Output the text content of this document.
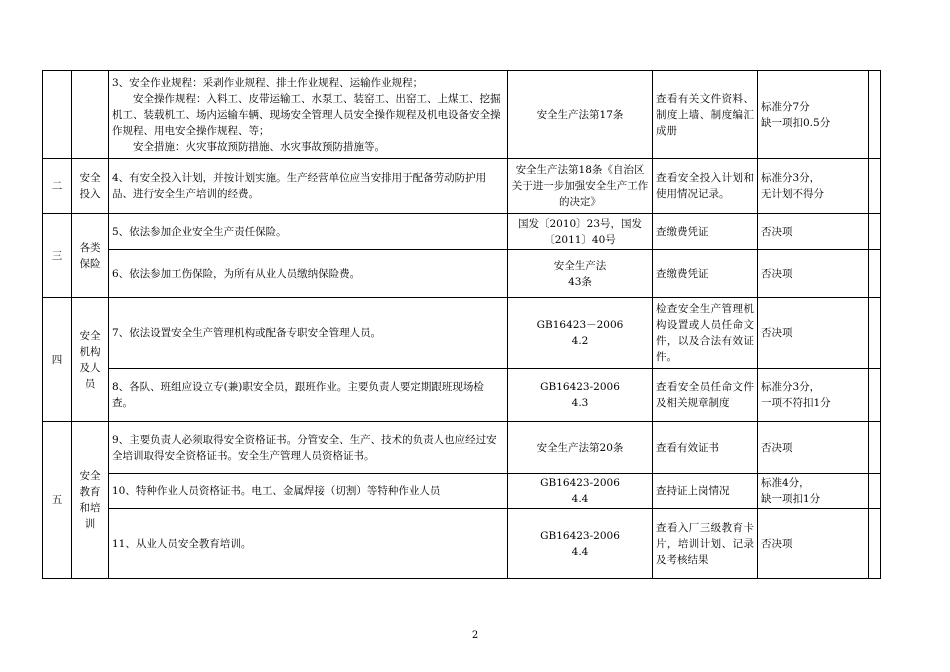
		3、安全作业规程：采剥作业规程、排土作业规程、运输作业规程；
　　安全操作规程：入料工、皮带运输工、水泵工、装窑工、出窑工、上煤工、挖掘机工、装载机工、场内运输车辆、现场安全管理人员安全操作规程及机电设备安全操作规程、用电安全操作规程、等；
　　安全措施：火灾事故预防措施、水灾事故预防措施等。	安全生产法第17条	查看有关文件资料、制度上墙、制度编汇成册	标准分7分
缺一项扣0.5分	
二	安全投入	4、有安全投入计划，并按计划实施。生产经营单位应当安排用于配备劳动防护用品、进行安全生产培训的经费。	安全生产法第18条《自治区关于进一步加强安全生产工作的决定》	查看安全投入计划和使用情况记录。	标准分3分，
无计划不得分	
三	各类保险	5、依法参加企业安全生产责任保险。	国发〔2010〕23号，国发〔2011〕40号	查缴费凭证	否决项	
		6、依法参加工伤保险，为所有从业人员缴纳保险费。	安全生产法
43条	查缴费凭证	否决项	
四	安全机构及人员	7、依法设置安全生产管理机构或配备专职安全管理人员。	GB16423－2006
4.2	检查安全生产管理机构设置或人员任命文件，以及合法有效证件。	否决项	
		8、各队、班组应设立专(兼)职安全员，跟班作业。主要负责人要定期跟班现场检查。	GB16423-2006
4.3	查看安全员任命文件及相关规章制度	标准分3分，
一项不符扣1分	
五	安全教育和培训	9、主要负责人必须取得安全资格证书。分管安全、生产、技术的负责人也应经过安全培训取得安全资格证书。安全生产管理人员资格证书。	安全生产法第20条	查看有效证书	否决项	
		10、特种作业人员资格证书。电工、金属焊接（切割）等特种作业人员	GB16423-2006
4.4	查持证上岗情况	标准4分，
缺一项扣1分	
		11、从业人员安全教育培训。	GB16423-2006
4.4	查看入厂三级教育卡片，培训计划、记录及考核结果	否决项	
2
